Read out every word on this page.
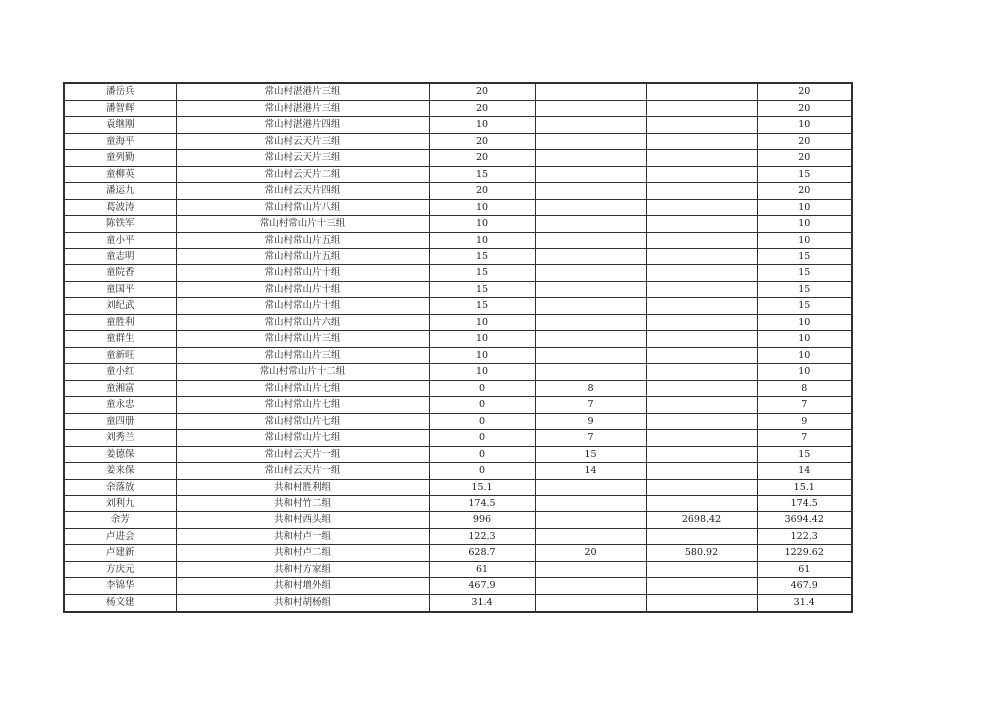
潘岳兵	常山村湛港片三组	20			20
潘智辉	常山村湛港片三组	20			20
袁继刚	常山村湛港片四组	10			10
童海平	常山村云天片三组	20			20
童列勤	常山村云天片三组	20			20
童柳英	常山村云天片二组	15			15
潘运九	常山村云天片四组	20			20
葛波涛	常山村常山片八组	10			10
陈铁军	常山村常山片十三组	10			10
童小平	常山村常山片五组	10			10
童志明	常山村常山片五组	15			15
童院香	常山村常山片十组	15			15
童国平	常山村常山片十组	15			15
刘纪武	常山村常山片十组	15			15
童胜利	常山村常山片六组	10			10
童群生	常山村常山片三组	10			10
童新旺	常山村常山片三组	10			10
童小红	常山村常山片十二组	10			10
童湘富	常山村常山片七组	0	8		8
童永忠	常山村常山片七组	0	7		7
童四册	常山村常山片七组	0	9		9
刘秀兰	常山村常山片七组	0	7		7
姜德保	常山村云天片一组	0	15		15
姜来保	常山村云天片一组	0	14		14
余落放	共和村胜利组	15.1			15.1
刘利九	共和村竹二组	174.5			174.5
余芳	共和村西头组	996		2698.42	3694.42
卢进会	共和村卢一组	122.3			122.3
卢建新	共和村卢二组	628.7	20	580.92	1229.62
方庆元	共和村方家组	61			61
李锦华	共和村增外组	467.9			467.9
杨文建	共和村胡杨组	31.4			31.4
